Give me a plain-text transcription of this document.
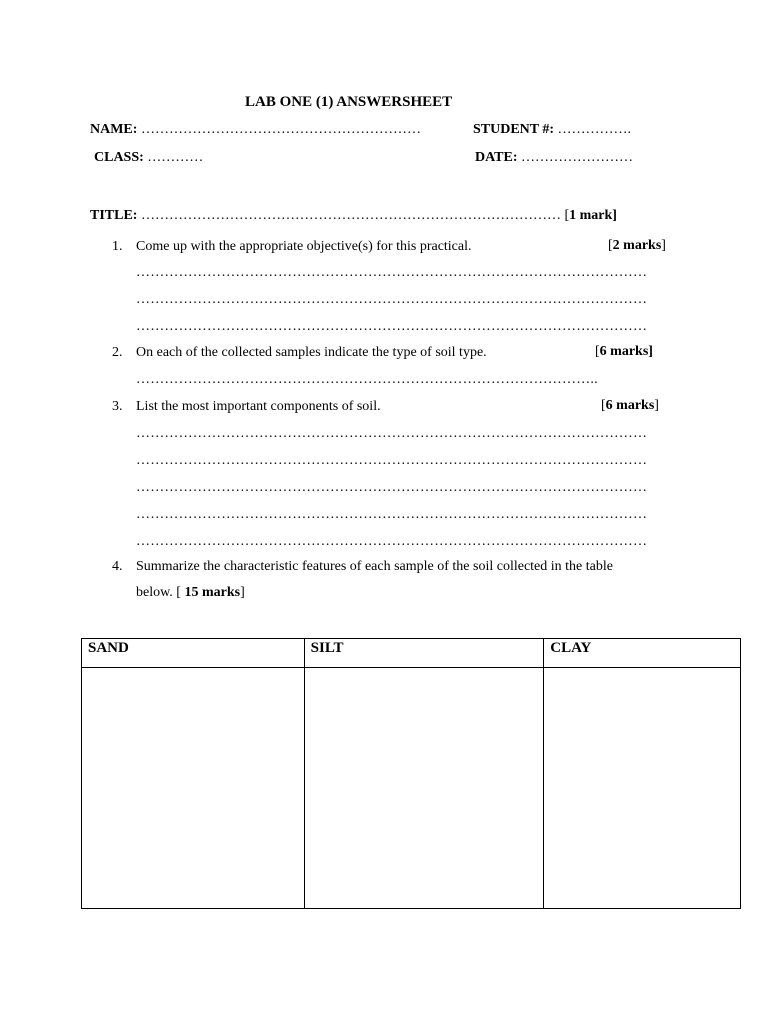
LAB ONE (1) ANSWERSHEET
NAME: ……………………………………………………	STUDENT #: …………….
CLASS: …………	DATE: ……………………
TITLE: ……………………………………………………………………………… [1 mark]
1. Come up with the appropriate objective(s) for this practical.	[2 marks]
………………………………………………………………………………………………
………………………………………………………………………………………………
………………………………………………………………………………………………
2. On each of the collected samples indicate the type of soil type.	[6 marks]
……………………………………………………………………………………..
3. List the most important components of soil.	[6 marks]
………………………………………………………………………………………………
………………………………………………………………………………………………
………………………………………………………………………………………………
………………………………………………………………………………………………
………………………………………………………………………………………………
4. Summarize the characteristic features of each sample of the soil collected in the table
below. [ 15 marks]
SAND	SILT	CLAY
